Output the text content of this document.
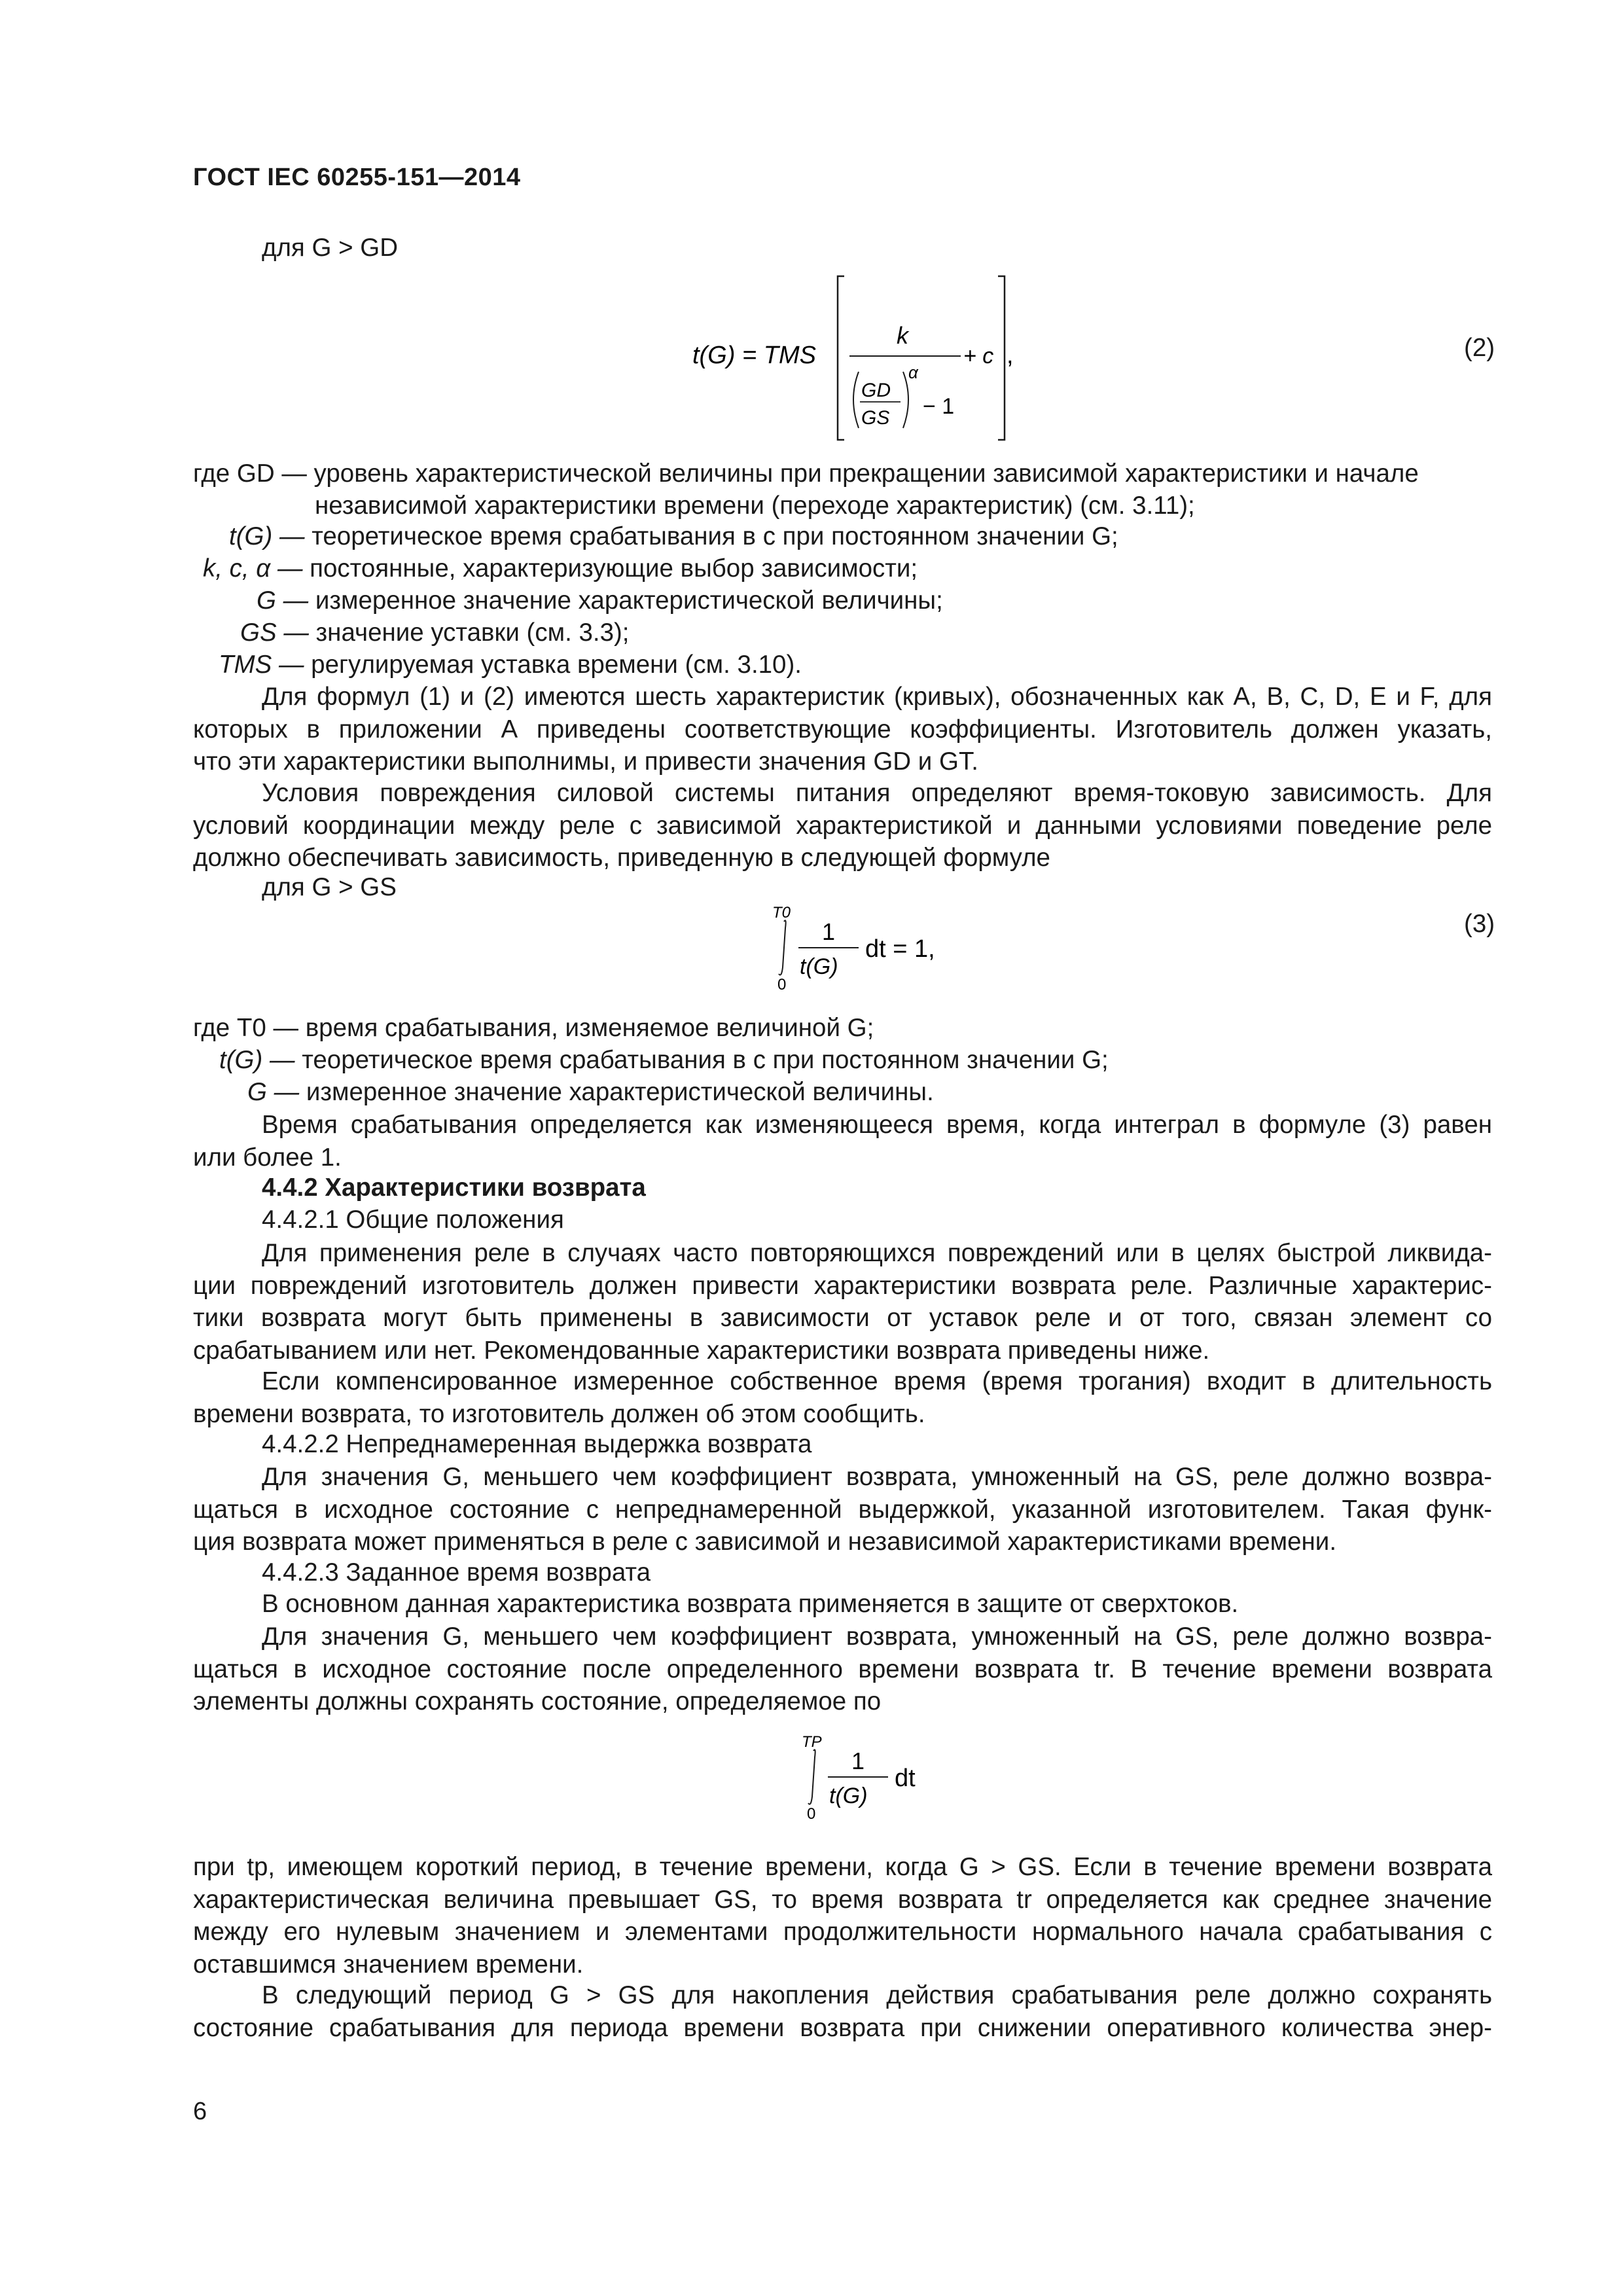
ГОСТ IEC 60255-151—2014
для G > GD
t(G) = TMS
k
+ c
GD
GS
α
− 1
,	(2)
где GD — уровень характеристической величины при прекращении зависимой характеристики и начале
независимой характеристики времени (переходе характеристик) (см. 3.11);
t(G) — теоретическое время срабатывания в с при постоянном значении G;
k, c, α — постоянные, характеризующие выбор зависимости;
G — измеренное значение характеристической величины;
GS — значение уставки (см. 3.3);
TMS — регулируемая уставка времени (см. 3.10).
Для формул (1) и (2) имеются шесть характеристик (кривых), обозначенных как A, B, C, D, E и F, для
которых в приложении А приведены соответствующие коэффициенты. Изготовитель должен указать,
что эти характеристики выполнимы, и привести значения GD и GT.
Условия повреждения силовой системы питания определяют время-токовую зависимость. Для
условий координации между реле с зависимой характеристикой и данными условиями поведение реле
должно обеспечивать зависимость, приведенную в следующей формуле
для G > GS
T0
0
1
t(G)
dt = 1,
(3)
где T0 — время срабатывания, изменяемое величиной G;
t(G) — теоретическое время срабатывания в с при постоянном значении G;
G — измеренное значение характеристической величины.
Время срабатывания определяется как изменяющееся время, когда интеграл в формуле (3) равен
или более 1.
4.4.2 Характеристики возврата
4.4.2.1 Общие положения
Для применения реле в случаях часто повторяющихся повреждений или в целях быстрой ликвида-
ции повреждений изготовитель должен привести характеристики возврата реле. Различные характерис-
тики возврата могут быть применены в зависимости от уставок реле и от того, связан элемент со
срабатыванием или нет. Рекомендованные характеристики возврата приведены ниже.
Если компенсированное измеренное собственное время (время трогания) входит в длительность
времени возврата, то изготовитель должен об этом сообщить.
4.4.2.2 Непреднамеренная выдержка возврата
Для значения G, меньшего чем коэффициент возврата, умноженный на GS, реле должно возвра-
щаться в исходное состояние с непреднамеренной выдержкой, указанной изготовителем. Такая функ-
ция возврата может применяться в реле с зависимой и независимой характеристиками времени.
4.4.2.3 Заданное время возврата
В основном данная характеристика возврата применяется в защите от сверхтоков.
Для значения G, меньшего чем коэффициент возврата, умноженный на GS, реле должно возвра-
щаться в исходное состояние после определенного времени возврата tr. В течение времени возврата
элементы должны сохранять состояние, определяемое по
TP
0
1
t(G)
dt
при tp, имеющем короткий период, в течение времени, когда G > GS. Если в течение времени возврата
характеристическая величина превышает GS, то время возврата tr определяется как среднее значение
между его нулевым значением и элементами продолжительности нормального начала срабатывания с
оставшимся значением времени.
В следующий период G > GS для накопления действия срабатывания реле должно сохранять
состояние срабатывания для периода времени возврата при снижении оперативного количества энер-
6
